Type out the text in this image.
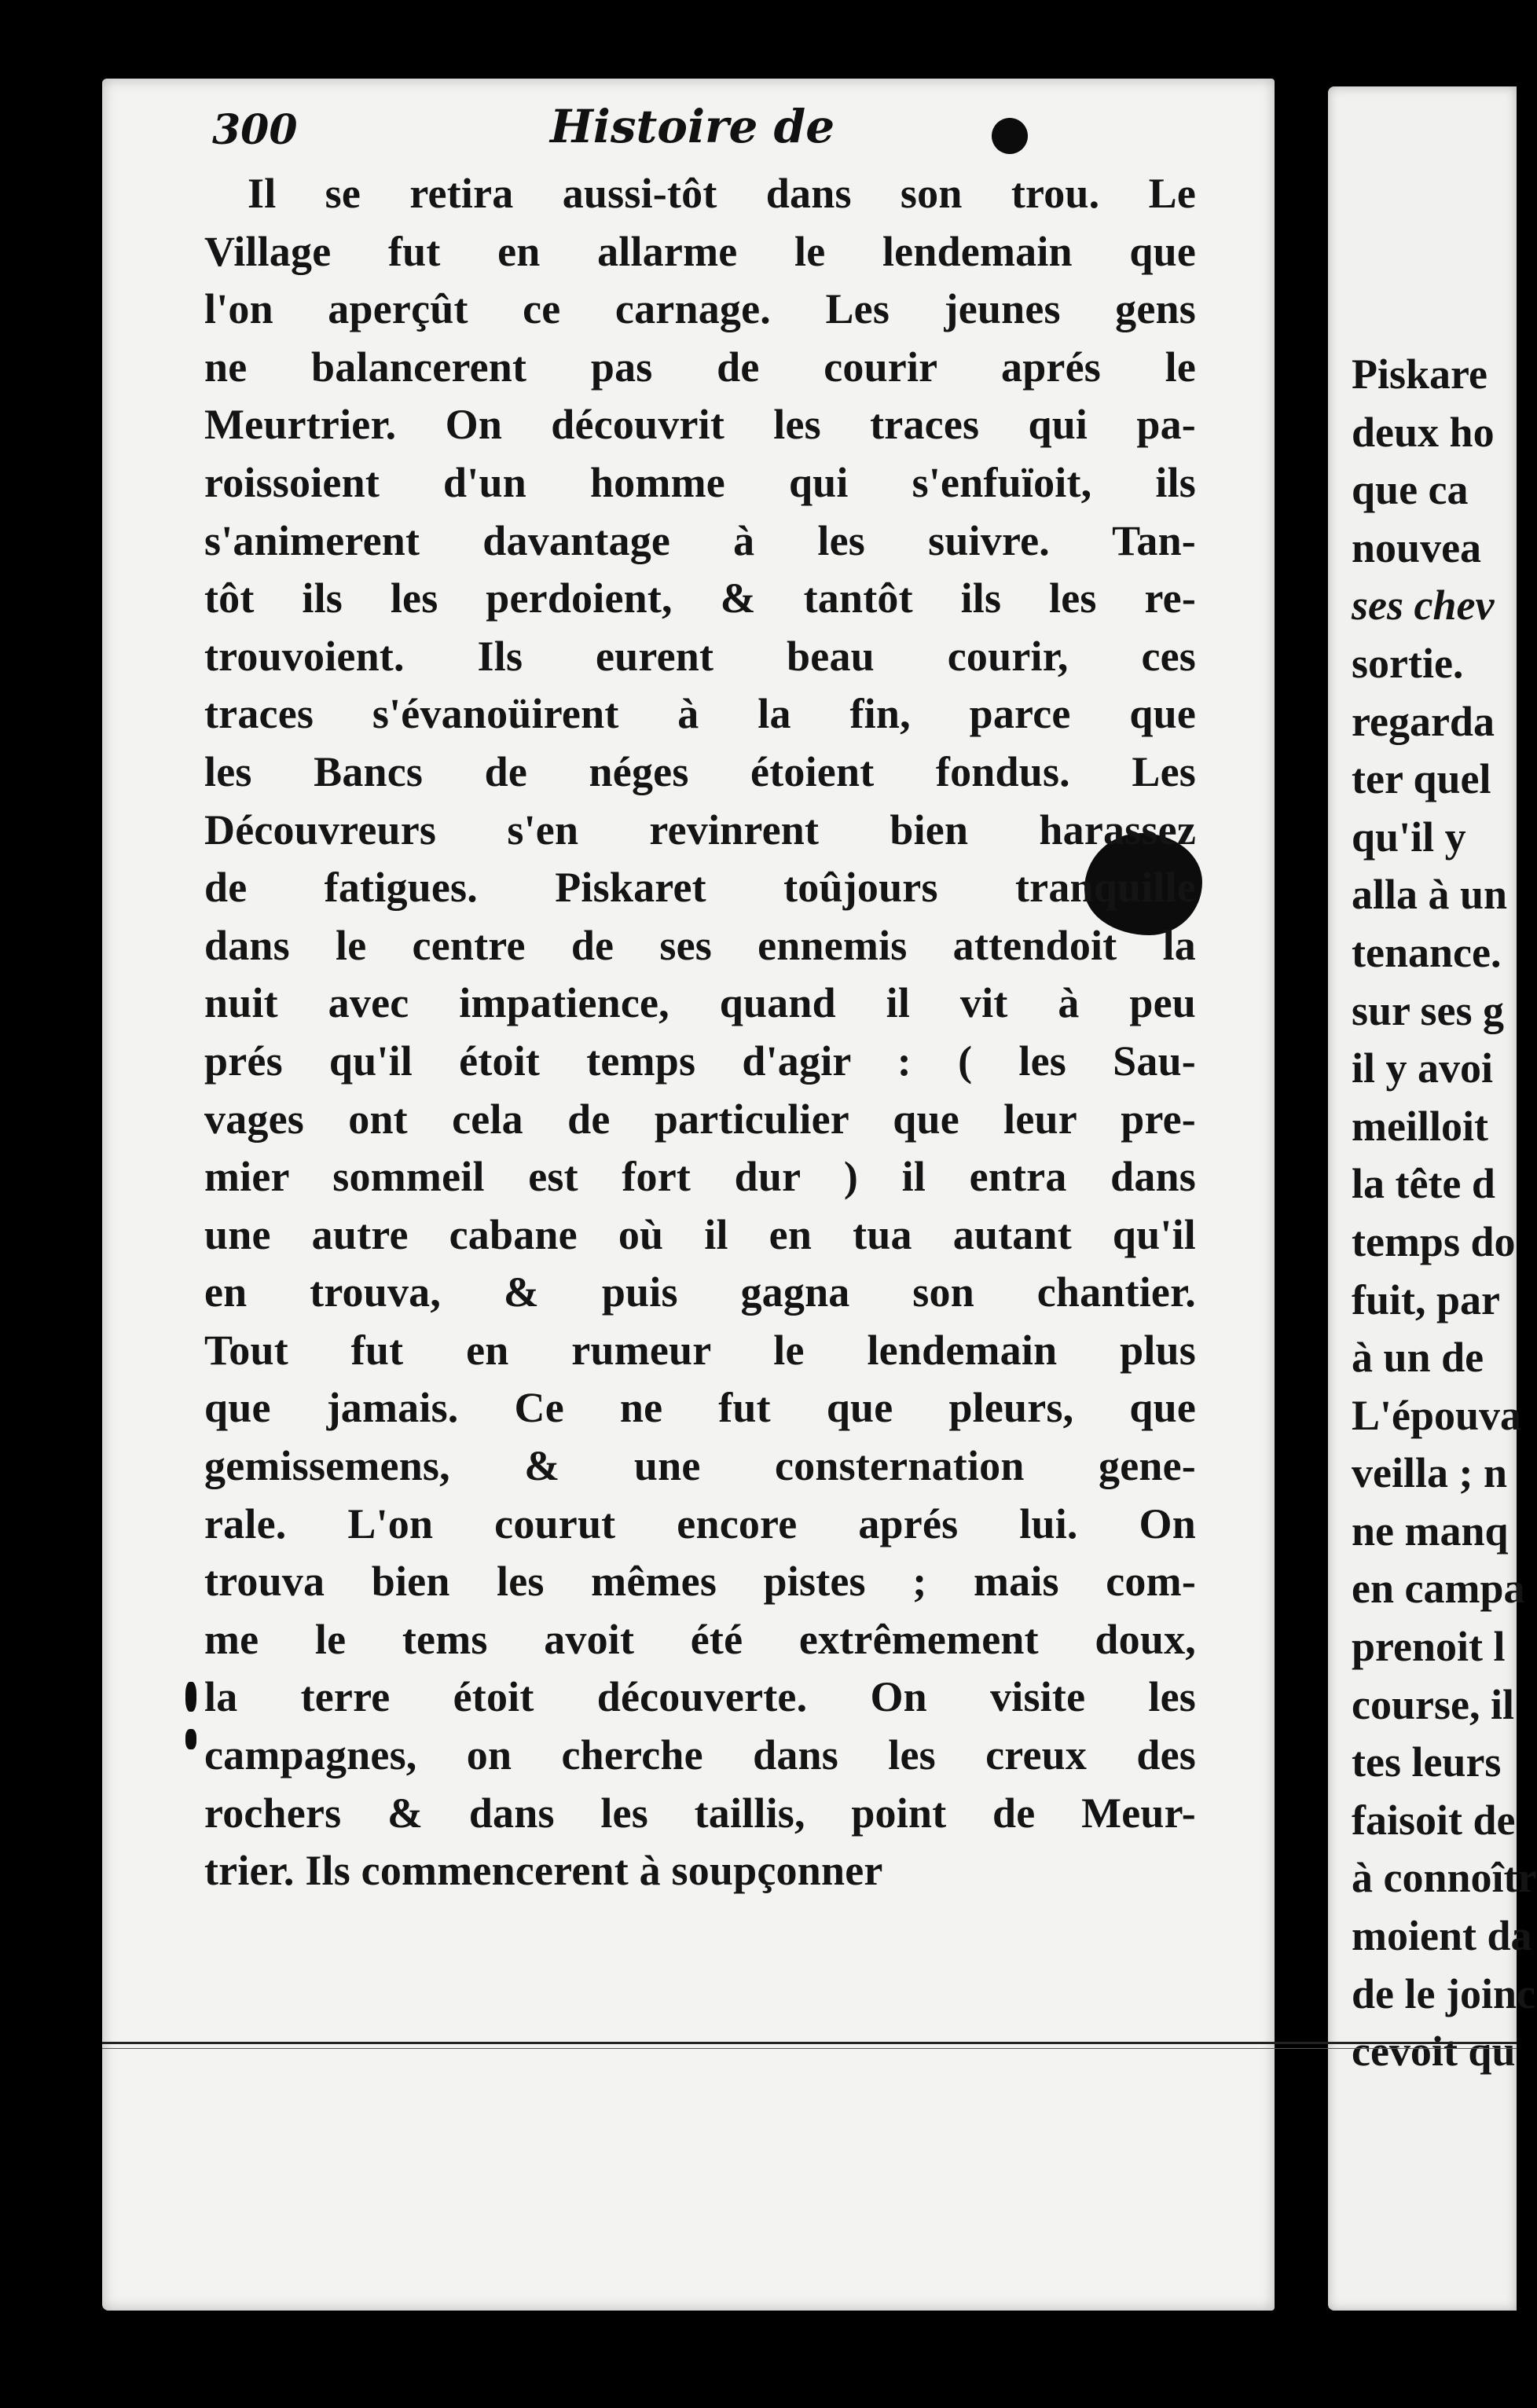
300	Histoire de
Il se retira aussi-tôt dans son trou. Le
Village fut en allarme le lendemain que
l'on aperçût ce carnage. Les jeunes gens
ne balancerent pas de courir aprés le
Meurtrier. On découvrit les traces qui pa-
roissoient d'un homme qui s'enfuïoit, ils
s'animerent davantage à les suivre. Tan-
tôt ils les perdoient, & tantôt ils les re-
trouvoient. Ils eurent beau courir, ces
traces s'évanoüirent à la fin, parce que
les Bancs de néges étoient fondus. Les
Découvreurs s'en revinrent bien harassez
de fatigues. Piskaret toûjours tranquille
dans le centre de ses ennemis attendoit la
nuit avec impatience, quand il vit à peu
prés qu'il étoit temps d'agir : ( les Sau-
vages ont cela de particulier que leur pre-
mier sommeil est fort dur ) il entra dans
une autre cabane où il en tua autant qu'il
en trouva, & puis gagna son chantier.
Tout fut en rumeur le lendemain plus
que jamais. Ce ne fut que pleurs, que
gemissemens, & une consternation gene-
rale. L'on courut encore aprés lui. On
trouva bien les mêmes pistes ; mais com-
me le tems avoit été extrêmement doux,
la terre étoit découverte. On visite les
campagnes, on cherche dans les creux des
rochers & dans les taillis, point de Meur-
trier. Ils commencerent à soupçonner
Piskare
deux ho
que ca
nouvea
ses chev
sortie.
regarda
ter quel
qu'il y
alla à un
tenance.
sur ses g
il y avoi
meilloit
la tête d
temps do
fuit, par
à un de
L'épouva
veilla ; n
ne manq
en campa
prenoit l
course, il
tes leurs
faisoit de
à connoîtr
moient da
de le joinc
cevoit qu
